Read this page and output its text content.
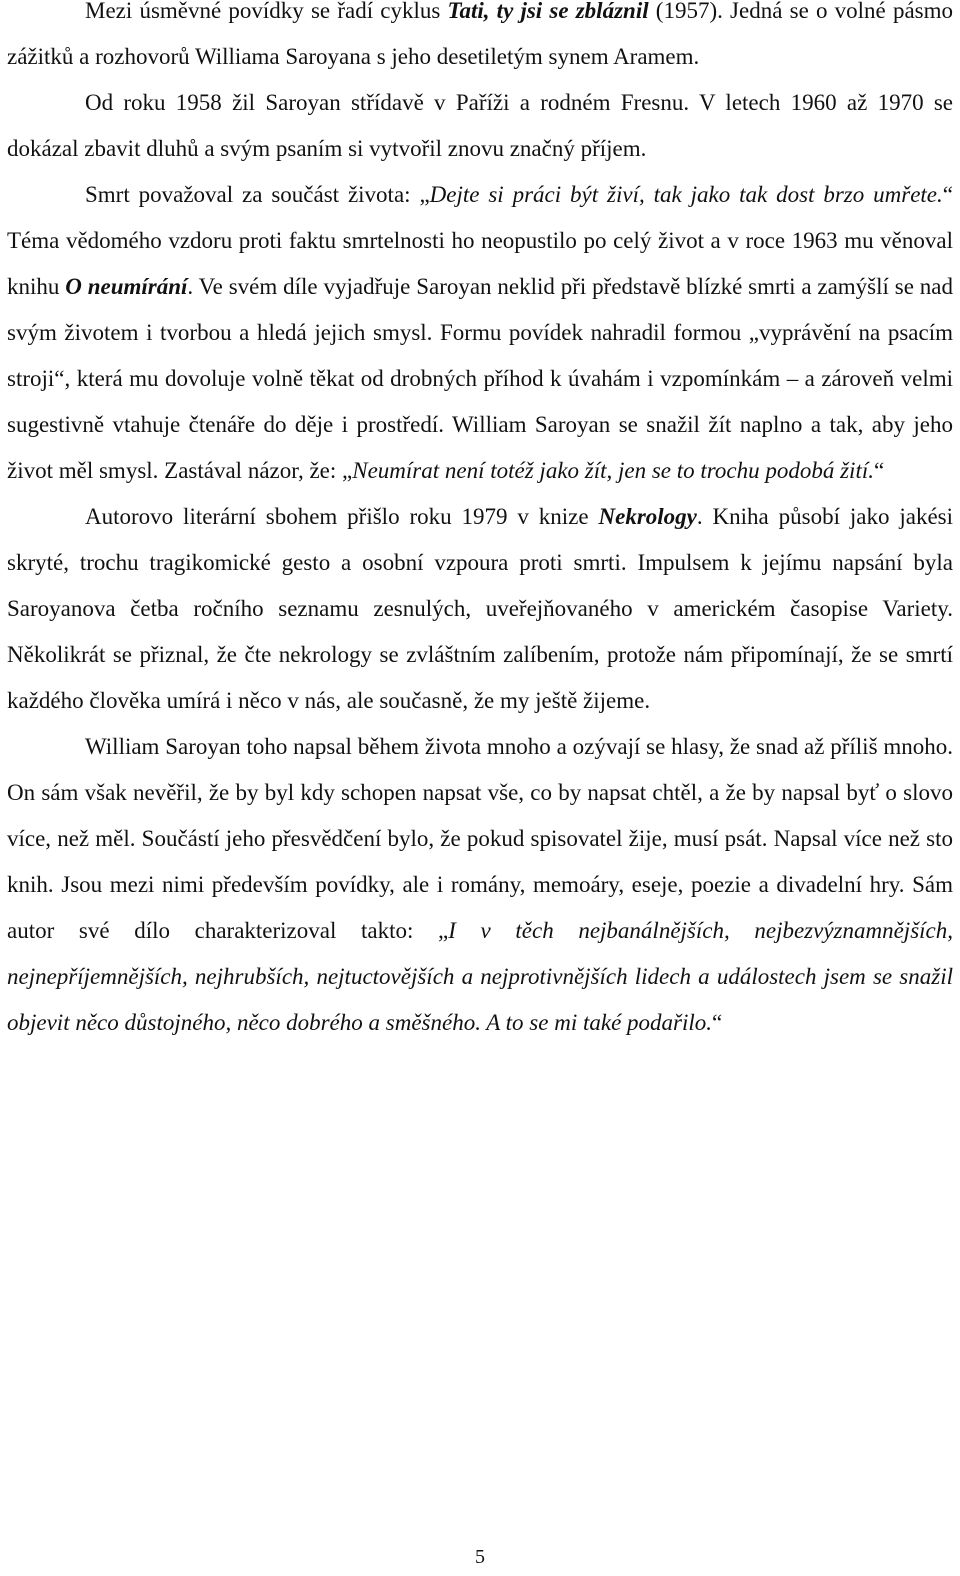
Mezi úsměvné povídky se řadí cyklus Tati, ty jsi se zbláznil (1957). Jedná se o volné pásmo zážitků a rozhovorů Williama Saroyana s jeho desetiletým synem Aramem.

Od roku 1958 žil Saroyan střídavě v Paříži a rodném Fresnu. V letech 1960 až 1970 se dokázal zbavit dluhů a svým psaním si vytvořil znovu značný příjem.

Smrt považoval za součást života: „Dejte si práci být živí, tak jako tak dost brzo umřete.“ Téma vědomého vzdoru proti faktu smrtelnosti ho neopustilo po celý život a v roce 1963 mu věnoval knihu O neumírání. Ve svém díle vyjadřuje Saroyan neklid při představě blízké smrti a zamýšlí se nad svým životem i tvorbou a hledá jejich smysl. Formu povídek nahradil formou „vyprávění na psacím stroji“, která mu dovoluje volně těkat od drobných příhod k úvahám i vzpomínkám – a zároveň velmi sugestivně vtahuje čtenáře do děje i prostředí. William Saroyan se snažil žít naplno a tak, aby jeho život měl smysl. Zastával názor, že: „Neumírat není totéž jako žít, jen se to trochu podobá žití.“

Autorovo literární sbohem přišlo roku 1979 v knize Nekrology. Kniha působí jako jakési skryté, trochu tragikomické gesto a osobní vzpoura proti smrti. Impulsem k jejímu napsání byla Saroyanova četba ročního seznamu zesnulých, uveřejňovaného v americkém časopise Variety. Několikrát se přiznal, že čte nekrology se zvláštním zalíbením, protože nám připomínají, že se smrtí každého člověka umírá i něco v nás, ale současně, že my ještě žijeme.

William Saroyan toho napsal během života mnoho a ozývají se hlasy, že snad až příliš mnoho. On sám však nevěřil, že by byl kdy schopen napsat vše, co by napsat chtěl, a že by napsal byť o slovo více, než měl. Součástí jeho přesvědčení bylo, že pokud spisovatel žije, musí psát. Napsal více než sto knih. Jsou mezi nimi především povídky, ale i romány, memoáry, eseje, poezie a divadelní hry. Sám autor své dílo charakterizoval takto: „I v těch nejbanálnějších, nejbezvýznamnějších, nejnepříjemnějších, nejhrubších, nejtuctovějších a nejprotivnějších lidech a událostech jsem se snažil objevit něco důstojného, něco dobrého a směšného. A to se mi také podařilo.“

5
